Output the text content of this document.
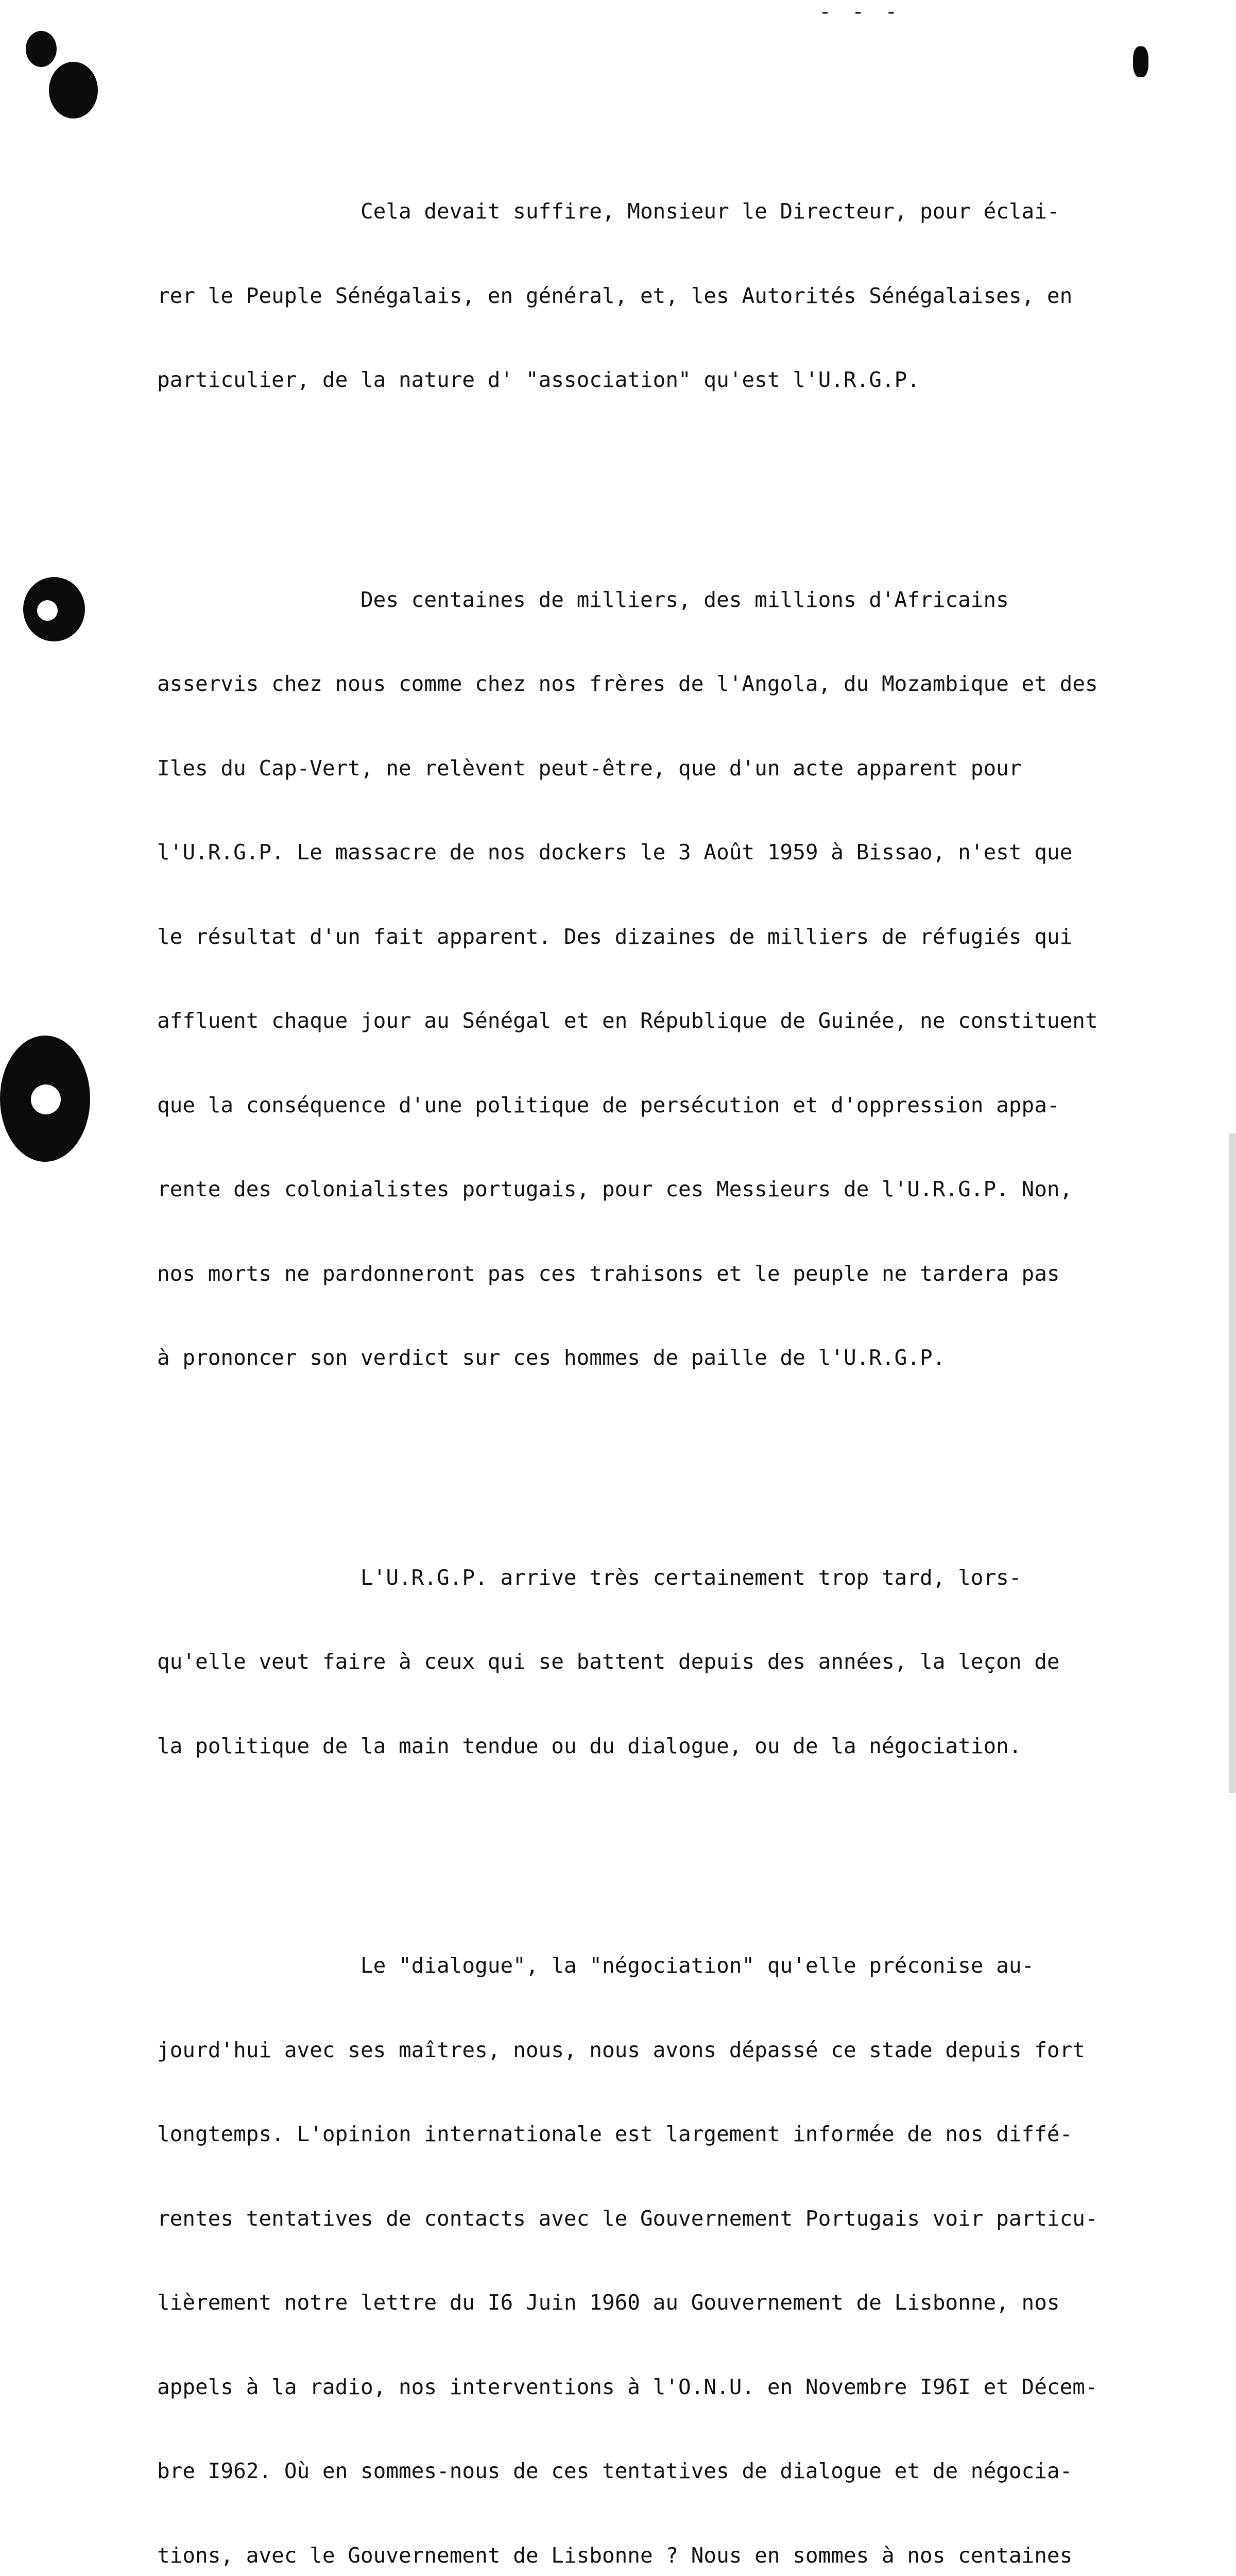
- - -

Cela devait suffire, Monsieur le Directeur, pour éclai-

rer le Peuple Sénégalais, en général, et, les Autorités Sénégalaises, en

particulier, de la nature d' "association" qu'est l'U.R.G.P.

Des centaines de milliers, des millions d'Africains

asservis chez nous comme chez nos frères de l'Angola, du Mozambique et des

Iles du Cap-Vert, ne relèvent peut-être, que d'un acte apparent pour

l'U.R.G.P. Le massacre de nos dockers le 3 Août 1959 à Bissao, n'est que

le résultat d'un fait apparent. Des dizaines de milliers de réfugiés qui

affluent chaque jour au Sénégal et en République de Guinée, ne constituent

que la conséquence d'une politique de persécution et d'oppression appa-

rente des colonialistes portugais, pour ces Messieurs de l'U.R.G.P. Non,

nos morts ne pardonneront pas ces trahisons et le peuple ne tardera pas

à prononcer son verdict sur ces hommes de paille de l'U.R.G.P.

L'U.R.G.P. arrive très certainement trop tard, lors-

qu'elle veut faire à ceux qui se battent depuis des années, la leçon de

la politique de la main tendue ou du dialogue, ou de la négociation.

Le "dialogue", la "négociation" qu'elle préconise au-

jourd'hui avec ses maîtres, nous, nous avons dépassé ce stade depuis fort

longtemps. L'opinion internationale est largement informée de nos diffé-

rentes tentatives de contacts avec le Gouvernement Portugais voir particu-

lièrement notre lettre du I6 Juin 1960 au Gouvernement de Lisbonne, nos

appels à la radio, nos interventions à l'O.N.U. en Novembre I96I et Décem-

bre I962. Où en sommes-nous de ces tentatives de dialogue et de négocia-

tions, avec le Gouvernement de Lisbonne ? Nous en sommes à nos centaines
